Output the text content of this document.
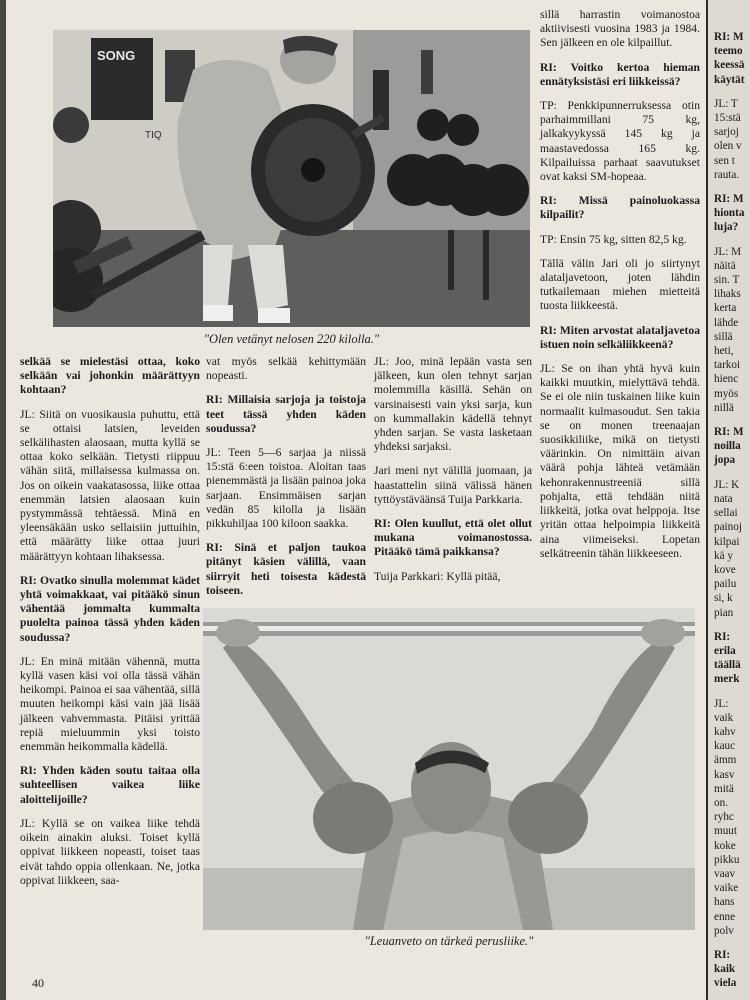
SONG
TIQ
"Olen vetänyt nelosen 220 kilolla."

selkää se mielestäsi ottaa, koko selkään vai johonkin määrättyyn kohtaan?

JL: Siitä on vuosikausia puhuttu, että se ottaisi latsien, leveiden selkälihasten alaosaan, mutta kyllä se ottaa koko selkään. Tietysti riippuu vähän siitä, millaisessa kulmassa on. Jos on oikein vaakatasossa, liike ottaa enemmän latsien alaosaan kuin pystymmässä tehtäessä. Minä en yleensäkään usko sellaisiin juttuihin, että määrätty liike ottaa juuri määrättyyn kohtaan lihaksessa.

RI: Ovatko sinulla molemmat kädet yhtä voimakkaat, vai pitääkö sinun vähentää jommalta kummalta puolelta painoa tässä yhden käden soudussa?

JL: En minä mitään vähennä, mutta kyllä vasen käsi voi olla tässä vähän heikompi. Painoa ei saa vähentää, sillä muuten heikompi käsi vain jää lisää jälkeen vahvemmasta. Pitäisi yrittää repiä mieluummin yksi toisto enemmän heikommalla kädellä.

RI: Yhden käden soutu taitaa olla suhteellisen vaikea liike aloittelijoille?

JL: Kyllä se on vaikea liike tehdä oikein ainakin aluksi. Toiset kyllä oppivat liikkeen nopeasti, toiset taas eivät tahdo oppia ollenkaan. Ne, jotka oppivat liikkeen, saa-

vat myös selkää kehittymään nopeasti.

RI: Millaisia sarjoja ja toistoja teet tässä yhden käden soudussa?

JL: Teen 5—6 sarjaa ja niissä 15:stä 6:een toistoa. Aloitan taas pienemmästä ja lisään painoa joka sarjaan. Ensimmäisen sarjan vedän 85 kilolla ja lisään pikkuhiljaa 100 kiloon saakka.

RI: Sinä et paljon taukoa pitänyt käsien välillä, vaan siirryit heti toisesta kädestä toiseen.

JL: Joo, minä lepään vasta sen jälkeen, kun olen tehnyt sarjan molemmilla käsillä. Sehän on varsinaisesti vain yksi sarja, kun on kummallakin kädellä tehnyt yhden sarjan. Se vasta lasketaan yhdeksi sarjaksi.

Jari meni nyt välillä juomaan, ja haastattelin siinä välissä hänen tyttöystäväänsä Tuija Parkkaria.

RI: Olen kuullut, että olet ollut mukana voimanostossa. Pitääkö tämä paikkansa?

Tuija Parkkari: Kyllä pitää,

sillä harrastin voimanostoa aktiivisesti vuosina 1983 ja 1984. Sen jälkeen en ole kilpaillut.

RI: Voitko kertoa hieman ennätyksistäsi eri liikkeissä?

TP: Penkkipunnerruksessa otin parhaimmillani 75 kg, jalkakyykyssä 145 kg ja maastavedossa 165 kg. Kilpailuissa parhaat saavutukset ovat kaksi SM-hopeaa.

RI: Missä painoluokassa kilpailit?

TP: Ensin 75 kg, sitten 82,5 kg.

Tällä välin Jari oli jo siirtynyt alataljavetoon, joten lähdin tutkailemaan miehen mietteitä tuosta liikkeestä.

RI: Miten arvostat alataljavetoa istuen noin selkäliikkeenä?

JL: Se on ihan yhtä hyvä kuin kaikki muutkin, mielyttävä tehdä. Se ei ole niin tuskainen liike kuin normaalit kulmasoudut. Sen takia se on monen treenaajan suosikkiliike, mikä on tietysti väärinkin. On nimittäin aivan väärä pohja lähteä vetämään kehonrakennustreeniä sillä pohjalta, että tehdään niitä liikkeitä, jotka ovat helppoja. Itse yritän ottaa helpoimpia liikkeitä aina viimeiseksi. Lopetan selkätreenin tähän liikkeeseen.

"Leuanveto on tärkeä perusliike."
40

RI: M
teemo
keessä
käytät

JL: T
15:stä
sarjoj
olen v
sen t
rauta.

RI: M
hionta
luja?

JL: M
näitä
sin. T
lihaks
kerta
lähde
sillä
heti,
tarkoi
hienc
myös
nillä

RI: M
noilla
jopa

JL: K
nata
sellai
painoj
kilpai
kä y
kove
pailu
si, k
pian

RI:
erila
täällä
merk

JL:
vaik
kahv
kauc
ämm
kasv
mitä
on.
ryhc
muut
koke
pikku
vaav
vaike
hans
enne
polv

RI:
kaik
viela
